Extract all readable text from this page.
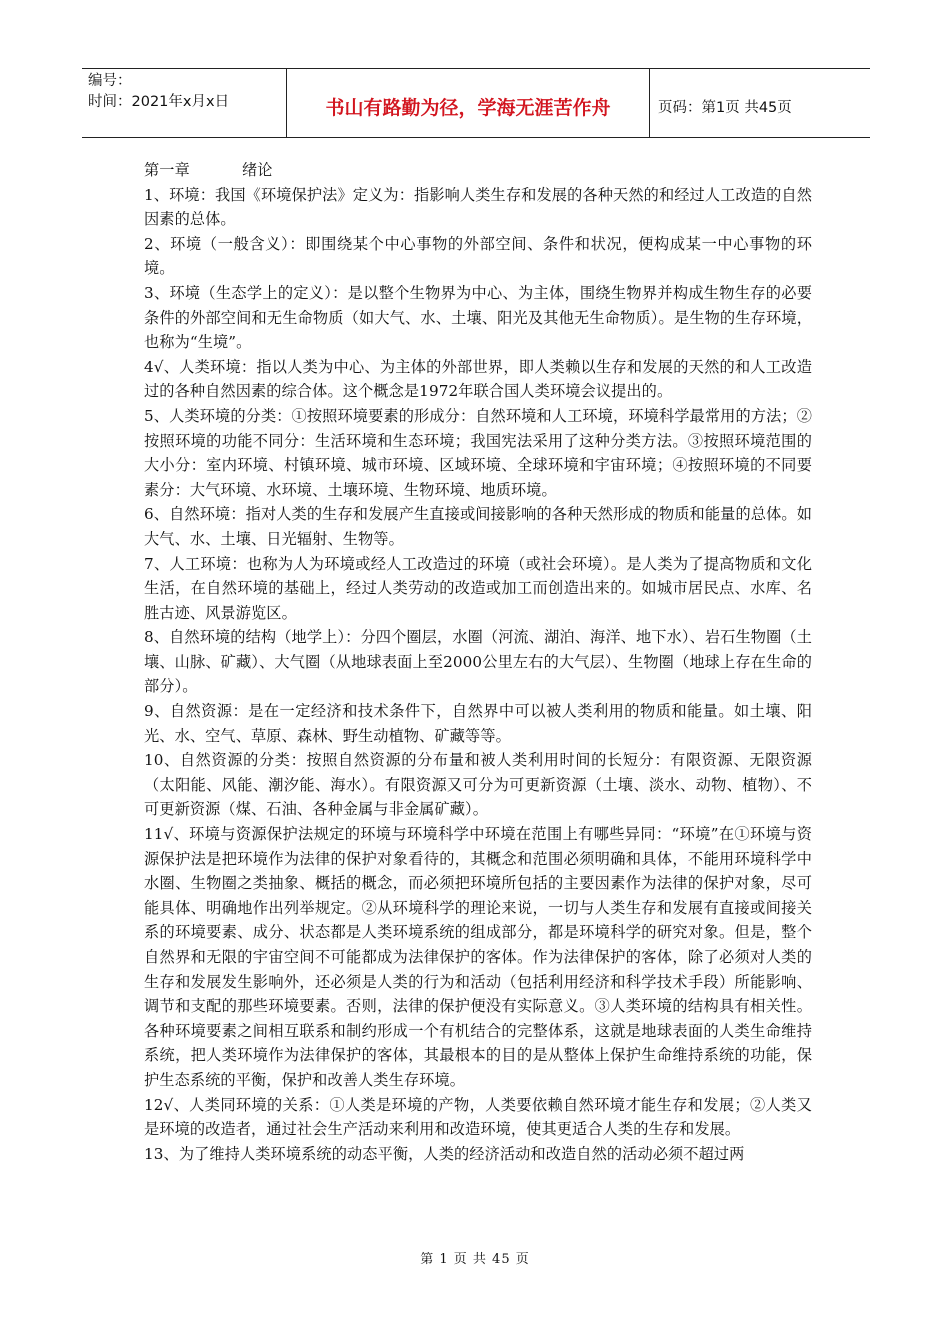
编号：
时间：2021年x月x日	书山有路勤为径，学海无涯苦作舟	页码：第1页 共45页

第一章	绪论

1、环境：我国《环境保护法》定义为：指影响人类生存和发展的各种天然的和经过人工改造的自然因素的总体。

2、环境（一般含义）：即围绕某个中心事物的外部空间、条件和状况，便构成某一中心事物的环境。

3、环境（生态学上的定义）：是以整个生物界为中心、为主体，围绕生物界并构成生物生存的必要条件的外部空间和无生命物质（如大气、水、土壤、阳光及其他无生命物质）。是生物的生存环境，也称为“生境”。

4√、人类环境：指以人类为中心、为主体的外部世界，即人类赖以生存和发展的天然的和人工改造过的各种自然因素的综合体。这个概念是1972年联合国人类环境会议提出的。

5、人类环境的分类：①按照环境要素的形成分：自然环境和人工环境，环境科学最常用的方法；②按照环境的功能不同分：生活环境和生态环境；我国宪法采用了这种分类方法。③按照环境范围的大小分：室内环境、村镇环境、城市环境、区域环境、全球环境和宇宙环境；④按照环境的不同要素分：大气环境、水环境、土壤环境、生物环境、地质环境。

6、自然环境：指对人类的生存和发展产生直接或间接影响的各种天然形成的物质和能量的总体。如大气、水、土壤、日光辐射、生物等。

7、人工环境：也称为人为环境或经人工改造过的环境（或社会环境）。是人类为了提高物质和文化生活，在自然环境的基础上，经过人类劳动的改造或加工而创造出来的。如城市居民点、水库、名胜古迹、风景游览区。

8、自然环境的结构（地学上）：分四个圈层，水圈（河流、湖泊、海洋、地下水）、岩石生物圈（土壤、山脉、矿藏）、大气圈（从地球表面上至2000公里左右的大气层）、生物圈（地球上存在生命的部分）。

9、自然资源：是在一定经济和技术条件下，自然界中可以被人类利用的物质和能量。如土壤、阳光、水、空气、草原、森林、野生动植物、矿藏等等。

10、自然资源的分类：按照自然资源的分布量和被人类利用时间的长短分：有限资源、无限资源（太阳能、风能、潮汐能、海水）。有限资源又可分为可更新资源（土壤、淡水、动物、植物）、不可更新资源（煤、石油、各种金属与非金属矿藏）。

11√、环境与资源保护法规定的环境与环境科学中环境在范围上有哪些异同：“环境”在①环境与资源保护法是把环境作为法律的保护对象看待的，其概念和范围必须明确和具体，不能用环境科学中水圈、生物圈之类抽象、概括的概念，而必须把环境所包括的主要因素作为法律的保护对象，尽可能具体、明确地作出列举规定。②从环境科学的理论来说，一切与人类生存和发展有直接或间接关系的环境要素、成分、状态都是人类环境系统的组成部分，都是环境科学的研究对象。但是，整个自然界和无限的宇宙空间不可能都成为法律保护的客体。作为法律保护的客体，除了必须对人类的生存和发展发生影响外，还必须是人类的行为和活动（包括利用经济和科学技术手段）所能影响、调节和支配的那些环境要素。否则，法律的保护便没有实际意义。③人类环境的结构具有相关性。各种环境要素之间相互联系和制约形成一个有机结合的完整体系，这就是地球表面的人类生命维持系统，把人类环境作为法律保护的客体，其最根本的目的是从整体上保护生命维持系统的功能，保护生态系统的平衡，保护和改善人类生存环境。

12√、人类同环境的关系：①人类是环境的产物，人类要依赖自然环境才能生存和发展；②人类又是环境的改造者，通过社会生产活动来利用和改造环境，使其更适合人类的生存和发展。

13、为了维持人类环境系统的动态平衡，人类的经济活动和改造自然的活动必须不超过两

第 1 页 共 45 页
